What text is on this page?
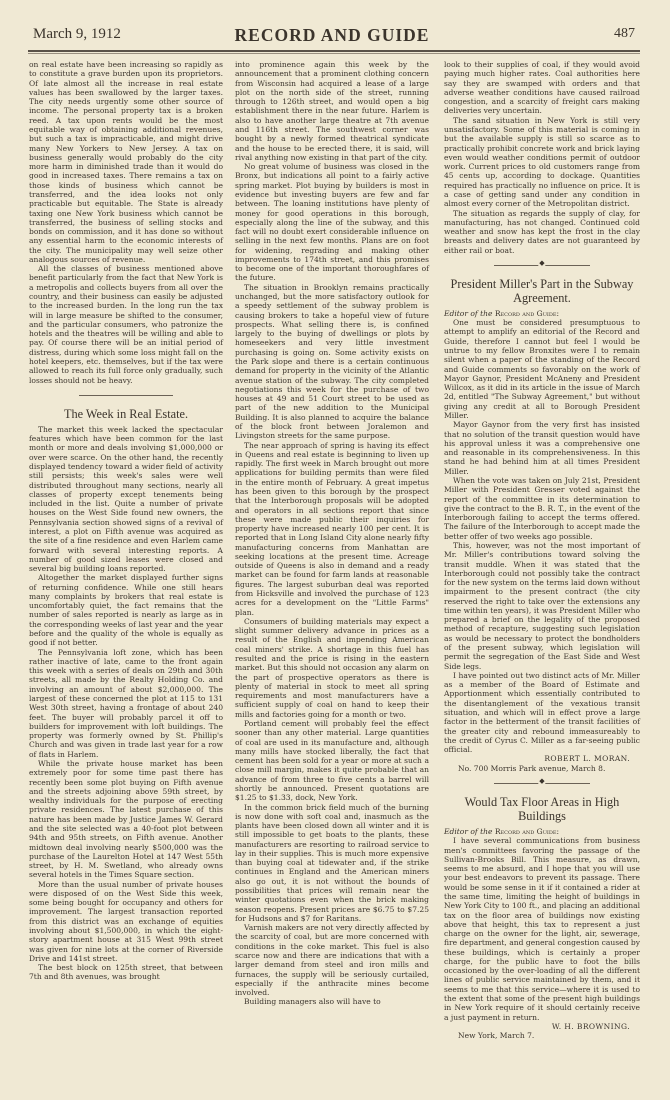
March 9, 1912	RECORD AND GUIDE	487

on real estate have been increasing so rapidly as to constitute a grave burden upon its proprietors. Of late almost all the increase in real estate values has been swallowed by the larger taxes. The city needs urgently some other source of income. The personal property tax is a broken reed. A tax upon rents would be the most equitable way of obtaining additional revenues, but such a tax is impracticable, and might drive many New Yorkers to New Jersey. A tax on business generally would probably do the city more harm in diminished trade than it would do good in increased taxes. There remains a tax on those kinds of business which cannot be transferred, and the idea looks not only practicable but equitable. The State is already taxing one New York business which cannot be transferred, the business of selling stocks and bonds on commission, and it has done so without any essential harm to the economic interests of the city. The municipality may well seize other analogous sources of revenue.

All the classes of business mentioned above benefit particularly from the fact that New York is a metropolis and collects buyers from all over the country, and their business can easily be adjusted to the increased burden. In the long run the tax will in large measure be shifted to the consumer, and the particular consumers, who patronize the hotels and the theatres will be willing and able to pay. Of course there will be an initial period of distress, during which some loss might fall on the hotel keepers, etc. themselves, but if the tax were allowed to reach its full force only gradually, such losses should not be heavy.

The Week in Real Estate.

The market this week lacked the spectacular features which have been common for the last month or more and deals involving $1,000,000 or over were scarce. On the other hand, the recently displayed tendency toward a wider field of activity still persists; this week's sales were well distributed throughout many sections, nearly all classes of property except tenements being included in the list. Quite a number of private houses on the West Side found new owners, the Pennsylvania section showed signs of a revival of interest, a plot on Fifth avenue was acquired as the site of a fine residence and even Harlem came forward with several interesting reports. A number of good sized leases were closed and several big building loans reported.

Altogether the market displayed further signs of returning confidence. While one still hears many complaints by brokers that real estate is uncomfortably quiet, the fact remains that the number of sales reported is nearly as large as in the corresponding weeks of last year and the year before and the quality of the whole is equally as good if not better.

The Pennsylvania loft zone, which has been rather inactive of late, came to the front again this week with a series of deals on 29th and 30th streets, all made by the Realty Holding Co. and involving an amount of about $2,000,000. The largest of these concerned the plot at 115 to 131 West 30th street, having a frontage of about 240 feet. The buyer will probably parcel it off to builders for improvement with loft buildings. The property was formerly owned by St. Phillip's Church and was given in trade last year for a row of flats in Harlem.

While the private house market has been extremely poor for some time past there has recently been some plot buying on Fifth avenue and the streets adjoining above 59th street, by wealthy individuals for the purpose of erecting private residences. The latest purchase of this nature has been made by Justice James W. Gerard and the site selected was a 40-foot plot between 94th and 95th streets, on Fifth avenue. Another midtown deal involving nearly $500,000 was the purchase of the Laurelton Hotel at 147 West 55th street, by H. M. Swetland, who already owns several hotels in the Times Square section.

More than the usual number of private houses were disposed of on the West Side this week, some being bought for occupancy and others for improvement. The largest transaction reported from this district was an exchange of equities involving about $1,500,000, in which the eight-story apartment house at 315 West 99th street was given for nine lots at the corner of Riverside Drive and 141st street.

The best block on 125th street, that between 7th and 8th avenues, was brought

into prominence again this week by the announcement that a prominent clothing concern from Wisconsin had acquired a lease of a large plot on the north side of the street, running through to 126th street, and would open a big establishment there in the near future. Harlem is also to have another large theatre at 7th avenue and 116th street. The southwest corner was bought by a newly formed theatrical syndicate and the house to be erected there, it is said, will rival anything now existing in that part of the city.

No great volume of business was closed in the Bronx, but indications all point to a fairly active spring market. Plot buying by builders is most in evidence but investing buyers are few and far between. The loaning institutions have plenty of money for good operations in this borough, especially along the line of the subway, and this fact will no doubt exert considerable influence on selling in the next few months. Plans are on foot for widening, regrading and making other improvements to 174th street, and this promises to become one of the important thoroughfares of the future.

The situation in Brooklyn remains practically unchanged, but the more satisfactory outlook for a speedy settlement of the subway problem is causing brokers to take a hopeful view of future prospects. What selling there is, is confined largely to the buying of dwellings or plots by homeseekers and very little investment purchasing is going on. Some activity exists on the Park slope and there is a certain continuous demand for property in the vicinity of the Atlantic avenue station of the subway. The city completed negotiations this week for the purchase of two houses at 49 and 51 Court street to be used as part of the new addition to the Municipal Building. It is also planned to acquire the balance of the block front between Joralemon and Livingston streets for the same purpose.

The near approach of spring is having its effect in Queens and real estate is beginning to liven up rapidly. The first week in March brought out more applications for building permits than were filed in the entire month of February. A great impetus has been given to this borough by the prospect that the Interborough proposals will be adopted and operators in all sections report that since these were made public their inquiries for property have increased nearly 100 per cent. It is reported that in Long Island City alone nearly fifty manufacturing concerns from Manhattan are seeking locations at the present time. Acreage outside of Queens is also in demand and a ready market can be found for farm lands at reasonable figures. The largest suburban deal was reported from Hicksville and involved the purchase of 123 acres for a development on the "Little Farms" plan.

Consumers of building materials may expect a slight summer delivery advance in prices as a result of the English and impending American coal miners' strike. A shortage in this fuel has resulted and the price is rising in the eastern market. But this should not occasion any alarm on the part of prospective operators as there is plenty of material in stock to meet all spring requirements and most manufacturers have a sufficient supply of coal on hand to keep their mills and factories going for a month or two.

Portland cement will probably feel the effect sooner than any other material. Large quantities of coal are used in its manufacture and, although many mills have stocked liberally, the fact that cement has been sold for a year or more at such a close mill margin, makes it quite probable that an advance of from three to five cents a barrel will shortly be announced. Present quotations are $1.25 to $1.33, dock, New York.

In the common brick field much of the burning is now done with soft coal and, inasmuch as the plants have been closed down all winter and it is still impossible to get boats to the plants, these manufacturers are resorting to railroad service to lay in their supplies. This is much more expensive than buying coal at tidewater and, if the strike continues in England and the American miners also go out, it is not without the bounds of possibilities that prices will remain near the winter quotations even when the brick making season reopens. Present prices are $6.75 to $7.25 for Hudsons and $7 for Raritans.

Varnish makers are not very directly affected by the scarcity of coal, but are more concerned with conditions in the coke market. This fuel is also scarce now and there are indications that with a larger demand from steel and iron mills and furnaces, the supply will be seriously curtailed, especially if the anthracite mines become involved.

Building managers also will have to

look to their supplies of coal, if they would avoid paying much higher rates. Coal authorities here say they are swamped with orders and that adverse weather conditions have caused railroad congestion, and a scarcity of freight cars making deliveries very uncertain.

The sand situation in New York is still very unsatisfactory. Some of this material is coming in but the available supply is still so scarce as to practically prohibit concrete work and brick laying even would weather conditions permit of outdoor work. Current prices to old customers range from 45 cents up, according to dockage. Quantities required has practically no influence on price. It is a case of getting sand under any condition in almost every corner of the Metropolitan district.

The situation as regards the supply of clay, for manufacturing, has not changed. Continued cold weather and snow has kept the frost in the clay breasts and delivery dates are not guaranteed by either rail or boat.

◆
President Miller's Part in the Subway Agreement.

Editor of the Record and Guide:

One must be considered presumptuous to attempt to amplify an editorial of the Record and Guide, therefore I cannot but feel I would be untrue to my fellow Bronxites were I to remain silent when a paper of the standing of the Record and Guide comments so favorably on the work of Mayor Gaynor, President McAneny and President Willcox, as it did in its article in the issue of March 2d, entitled "The Subway Agreement," but without giving any credit at all to Borough President Miller.

Mayor Gaynor from the very first has insisted that no solution of the transit question would have his approval unless it was a comprehensive one and reasonable in its comprehensiveness. In this stand he had behind him at all times President Miller.

When the vote was taken on July 21st, President Miller with President Gresser voted against the report of the committee in its determination to give the contract to the B. R. T., in the event of the Interborough failing to accept the terms offered. The failure of the Interborough to accept made the better offer of two weeks ago possible.

This, however, was not the most important of Mr. Miller's contributions toward solving the transit muddle. When it was stated that the Interborough could not possibly take the contract for the new system on the terms laid down without impairment to the present contract (the city reserved the right to take over the extensions any time within ten years), it was President Miller who prepared a brief on the legality of the proposed method of recapture, suggesting such legislation as would be necessary to protect the bondholders of the present subway, which legislation will permit the segregation of the East Side and West Side legs.

I have pointed out two distinct acts of Mr. Miller as a member of the Board of Estimate and Apportionment which essentially contributed to the disentanglement of the vexatious transit situation, and which will in effect prove a large factor in the betterment of the transit facilities of the greater city and rebound immeasureably to the credit of Cyrus C. Miller as a far-seeing public official.

ROBERT L. MORAN.

No. 700 Morris Park avenue, March 8.

◆
Would Tax Floor Areas in High Buildings

Editor of the Record and Guide:

I have several communications from business men's committees favoring the passage of the Sullivan-Brooks Bill. This measure, as drawn, seems to me absurd, and I hope that you will use your best endeavors to prevent its passage. There would be some sense in it if it contained a rider at the same time, limiting the height of buildings in New York City to 100 ft., and placing an additional tax on the floor area of buildings now existing above that height, this tax to represent a just charge on the owner for the light, air, sewerage, fire department, and general congestion caused by these buildings, which is certainly a proper charge, for the public have to foot the bills occasioned by the over-loading of all the different lines of public service maintained by them, and it seems to me that this service—where it is used to the extent that some of the present high buildings in New York require of it should certainly receive a just payment in return.

W. H. BROWNING.

New York, March 7.
